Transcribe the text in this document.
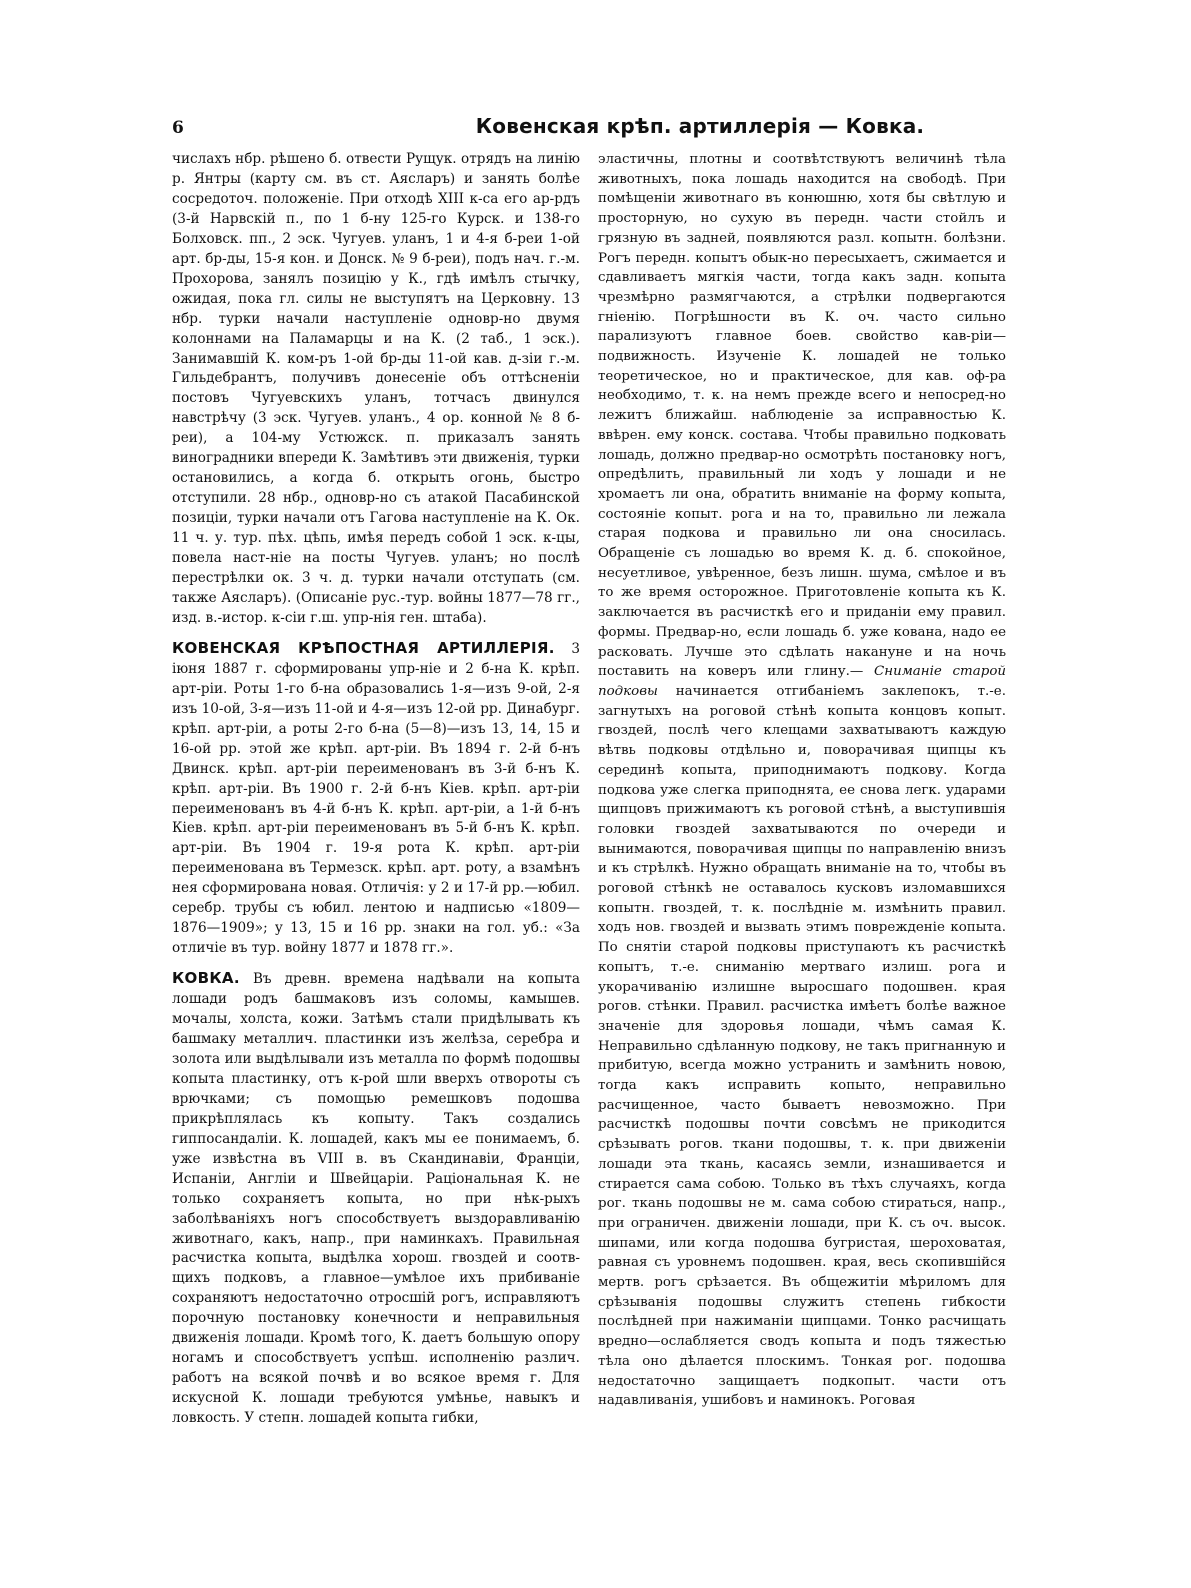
6	Ковенская крѣп. артиллерія — Ковка.

числахъ нбр. рѣшено б. отвести Рущук. отрядъ на линію р. Янтры (карту см. въ ст. Аясларъ) и занять болѣе сосредоточ. положеніе. При отходѣ XIII к-са его ар-рдъ (3-й Нарвскій п., по 1 б-ну 125-го Курск. и 138-го Болховск. пп., 2 эск. Чугуев. уланъ, 1 и 4-я б-реи 1-ой арт. бр-ды, 15-я кон. и Донск. № 9 б-реи), подъ нач. г.-м. Прохорова, занялъ позицію у К., гдѣ имѣлъ стычку, ожидая, пока гл. силы не выступятъ на Церковну. 13 нбр. турки начали наступленіе одновр-но двумя колоннами на Паламарцы и на К. (2 таб., 1 эск.). Занимавшій К. ком-ръ 1-ой бр-ды 11-ой кав. д-зіи г.-м. Гильдебрантъ, получивъ донесеніе объ оттѣсненіи постовъ Чугуевскихъ уланъ, тотчасъ двинулся навстрѣчу (3 эск. Чугуев. уланъ., 4 ор. конной № 8 б-реи), а 104-му Устюжск. п. приказалъ занять виноградники впереди К. Замѣтивъ эти движенія, турки остановились, а когда б. открыть огонь, быстро отступили. 28 нбр., одновр-но съ атакой Пасабинской позиціи, турки начали отъ Гагова наступленіе на К. Ок. 11 ч. у. тур. пѣх. цѣпь, имѣя передъ собой 1 эск. к-цы, повела наст-ніе на посты Чугуев. уланъ; но послѣ перестрѣлки ок. 3 ч. д. турки начали отступать (см. также Аясларъ). (Описаніе рус.-тур. войны 1877—78 гг., изд. в.-истор. к-сіи г.ш. упр-нія ген. штаба).

КОВЕНСКАЯ КРѢПОСТНАЯ АРТИЛЛЕРІЯ. 3 іюня 1887 г. сформированы упр-ніе и 2 б-на К. крѣп. арт-ріи. Роты 1-го б-на образовались 1-я—изъ 9-ой, 2-я изъ 10-ой, 3-я—изъ 11-ой и 4-я—изъ 12-ой рр. Динабург. крѣп. арт-ріи, а роты 2-го б-на (5—8)—изъ 13, 14, 15 и 16-ой рр. этой же крѣп. арт-ріи. Въ 1894 г. 2-й б-нъ Двинск. крѣп. арт-ріи переименованъ въ 3-й б-нъ К. крѣп. арт-ріи. Въ 1900 г. 2-й б-нъ Кіев. крѣп. арт-ріи переименованъ въ 4-й б-нъ К. крѣп. арт-ріи, а 1-й б-нъ Кіев. крѣп. арт-ріи переименованъ въ 5-й б-нъ К. крѣп. арт-ріи. Въ 1904 г. 19-я рота К. крѣп. арт-ріи переименована въ Термезск. крѣп. арт. роту, а взамѣнъ нея сформирована новая. Отличія: у 2 и 17-й рр.—юбил. серебр. трубы съ юбил. лентою и надписью «1809—1876—1909»; у 13, 15 и 16 рр. знаки на гол. уб.: «За отличіе въ тур. войну 1877 и 1878 гг.».

КОВКА. Въ древн. времена надѣвали на копыта лошади родъ башмаковъ изъ соломы, камышев. мочалы, холста, кожи. Затѣмъ стали придѣлывать къ башмаку металлич. пластинки изъ желѣза, серебра и золота или выдѣлывали изъ металла по формѣ подошвы копыта пластинку, отъ к-рой шли вверхъ отвороты съ врючками; съ помощью ремешковъ подошва прикрѣплялась къ копыту. Такъ создались гиппосандаліи. К. лошадей, какъ мы ее понимаемъ, б. уже извѣстна въ VIII в. въ Скандинавіи, Франціи, Испаніи, Англіи и Швейцаріи. Раціональная К. не только сохраняетъ копыта, но при нѣк-рыхъ заболѣваніяхъ ногъ способствуетъ выздоравливанію животнаго, какъ, напр., при наминкахъ. Правильная расчистка копыта, выдѣлка хорош. гвоздей и соотв-щихъ подковъ, а главное—умѣлое ихъ прибиваніе сохраняютъ недостаточно отросшій рогъ, исправляютъ порочную постановку конечности и неправильныя движенія лошади. Кромѣ того, К. даетъ большую опору ногамъ и способствуетъ успѣш. исполненію различ. работъ на всякой почвѣ и во всякое время г. Для искусной К. лошади требуются умѣнье, навыкъ и ловкость. У степн. лошадей копыта гибки,

эластичны, плотны и соотвѣтствуютъ величинѣ тѣла животныхъ, пока лошадь находится на свободѣ. При помѣщеніи животнаго въ конюшню, хотя бы свѣтлую и просторную, но сухую въ передн. части стойлъ и грязную въ задней, появляются разл. копытн. болѣзни. Рогъ передн. копытъ обык-но пересыхаетъ, сжимается и сдавливаетъ мягкія части, тогда какъ задн. копыта чрезмѣрно размягчаются, а стрѣлки подвергаются гніенію. Погрѣшности въ К. оч. часто сильно парализуютъ главное боев. свойство кав-ріи—подвижность. Изученіе К. лошадей не только теоретическое, но и практическое, для кав. оф-ра необходимо, т. к. на немъ прежде всего и непосред-но лежитъ ближайш. наблюденіе за исправностью К. ввѣрен. ему конск. состава. Чтобы правильно подковать лошадь, должно предвар-но осмотрѣть постановку ногъ, опредѣлить, правильный ли ходъ у лошади и не хромаетъ ли она, обратить вниманіе на форму копыта, состояніе копыт. рога и на то, правильно ли лежала старая подкова и правильно ли она сносилась. Обращеніе съ лошадью во время К. д. б. спокойное, несуетливое, увѣренное, безъ лишн. шума, смѣлое и въ то же время осторожное. Приготовленіе копыта къ К. заключается въ расчисткѣ его и приданіи ему правил. формы. Предвар-но, если лошадь б. уже кована, надо ее расковать. Лучше это сдѣлать накануне и на ночь поставить на коверъ или глину.— Сниманіе старой подковы начинается отгибаніемъ заклепокъ, т.-е. загнутыхъ на роговой стѣнѣ копыта концовъ копыт. гвоздей, послѣ чего клещами захватываютъ каждую вѣтвь подковы отдѣльно и, поворачивая щипцы къ серединѣ копыта, приподнимаютъ подкову. Когда подкова уже слегка приподнята, ее снова легк. ударами щипцовъ прижимаютъ къ роговой стѣнѣ, а выступившія головки гвоздей захватываются по очереди и вынимаются, поворачивая щипцы по направленію внизъ и къ стрѣлкѣ. Нужно обращать вниманіе на то, чтобы въ роговой стѣнкѣ не оставалось кусковъ изломавшихся копытн. гвоздей, т. к. послѣдніе м. измѣнить правил. ходъ нов. гвоздей и вызвать этимъ поврежденіе копыта. По снятіи старой подковы приступаютъ къ расчисткѣ копытъ, т.-е. сниманію мертваго излиш. рога и укорачиванію излишне выросшаго подошвен. края рогов. стѣнки. Правил. расчистка имѣетъ болѣе важное значеніе для здоровья лошади, чѣмъ самая К. Неправильно сдѣланную подкову, не такъ пригнанную и прибитую, всегда можно устранить и замѣнить новою, тогда какъ исправить копыто, неправильно расчищенное, часто бываетъ невозможно. При расчисткѣ подошвы почти совсѣмъ не прикодится срѣзывать рогов. ткани подошвы, т. к. при движеніи лошади эта ткань, касаясь земли, изнашивается и стирается сама собою. Только въ тѣхъ случаяхъ, когда рог. ткань подошвы не м. сама собою стираться, напр., при ограничен. движеніи лошади, при К. съ оч. высок. шипами, или когда подошва бугристая, шероховатая, равная съ уровнемъ подошвен. края, весь скопившійся мертв. рогъ срѣзается. Въ общежитіи мѣриломъ для срѣзыванія подошвы служитъ степень гибкости послѣдней при нажиманіи щипцами. Тонко расчищать вредно—ослабляется сводъ копыта и подъ тяжестью тѣла оно дѣлается плоскимъ. Тонкая рог. подошва недостаточно защищаетъ подкопыт. части отъ надавливанія, ушибовъ и наминокъ. Роговая
